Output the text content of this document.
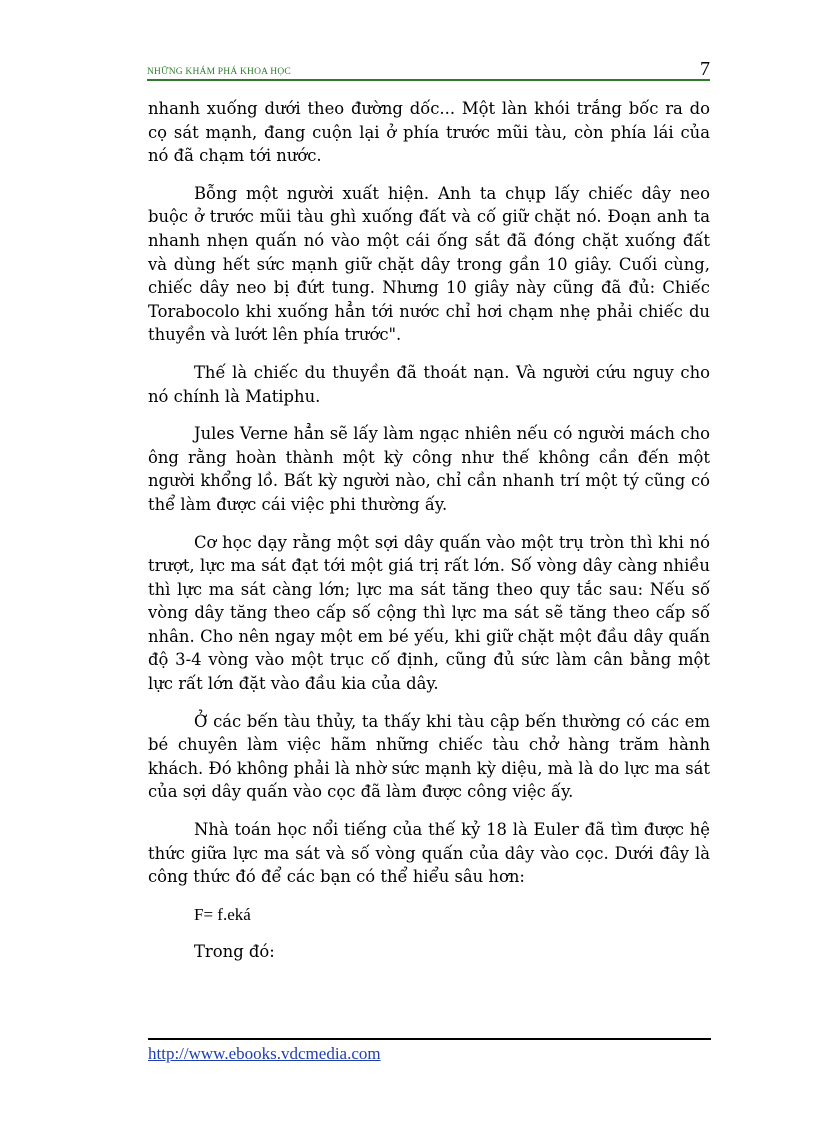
NHỮNG KHÁM PHÁ KHOA HỌC	7

nhanh xuống dưới theo đường dốc... Một làn khói trắng bốc ra do cọ sát mạnh, đang cuộn lại ở phía trước mũi tàu, còn phía lái của nó đã chạm tới nước.

Bỗng một người xuất hiện. Anh ta chụp lấy chiếc dây neo buộc ở trước mũi tàu ghì xuống đất và cố giữ chặt nó. Đoạn anh ta nhanh nhẹn quấn nó vào một cái ống sắt đã đóng chặt xuống đất và dùng hết sức mạnh giữ chặt dây trong gần 10 giây. Cuối cùng, chiếc dây neo bị đứt tung. Nhưng 10 giây này cũng đã đủ: Chiếc Torabocolo khi xuống hẳn tới nước chỉ hơi chạm nhẹ phải chiếc du thuyền và lướt lên phía trước".

Thế là chiếc du thuyền đã thoát nạn. Và người cứu nguy cho nó chính là Matiphu.

Jules Verne hẳn sẽ lấy làm ngạc nhiên nếu có người mách cho ông rằng hoàn thành một kỳ công như thế không cần đến một người khổng lồ. Bất kỳ người nào, chỉ cần nhanh trí một tý cũng có thể làm được cái việc phi thường ấy.

Cơ học dạy rằng một sợi dây quấn vào một trụ tròn thì khi nó trượt, lực ma sát đạt tới một giá trị rất lớn. Số vòng dây càng nhiều thì lực ma sát càng lớn; lực ma sát tăng theo quy tắc sau: Nếu số vòng dây tăng theo cấp số cộng thì lực ma sát sẽ tăng theo cấp số nhân. Cho nên ngay một em bé yếu, khi giữ chặt một đầu dây quấn độ 3-4 vòng vào một trục cố định, cũng đủ sức làm cân bằng một lực rất lớn đặt vào đầu kia của dây.

Ở các bến tàu thủy, ta thấy khi tàu cập bến thường có các em bé chuyên làm việc hãm những chiếc tàu chở hàng trăm hành khách. Đó không phải là nhờ sức mạnh kỳ diệu, mà là do lực ma sát của sợi dây quấn vào cọc đã làm được công việc ấy.

Nhà toán học nổi tiếng của thế kỷ 18 là Euler đã tìm được hệ thức giữa lực ma sát và số vòng quấn của dây vào cọc. Dưới đây là công thức đó để các bạn có thể hiểu sâu hơn:

F= f.eká

Trong đó:

http://www.ebooks.vdcmedia.com
